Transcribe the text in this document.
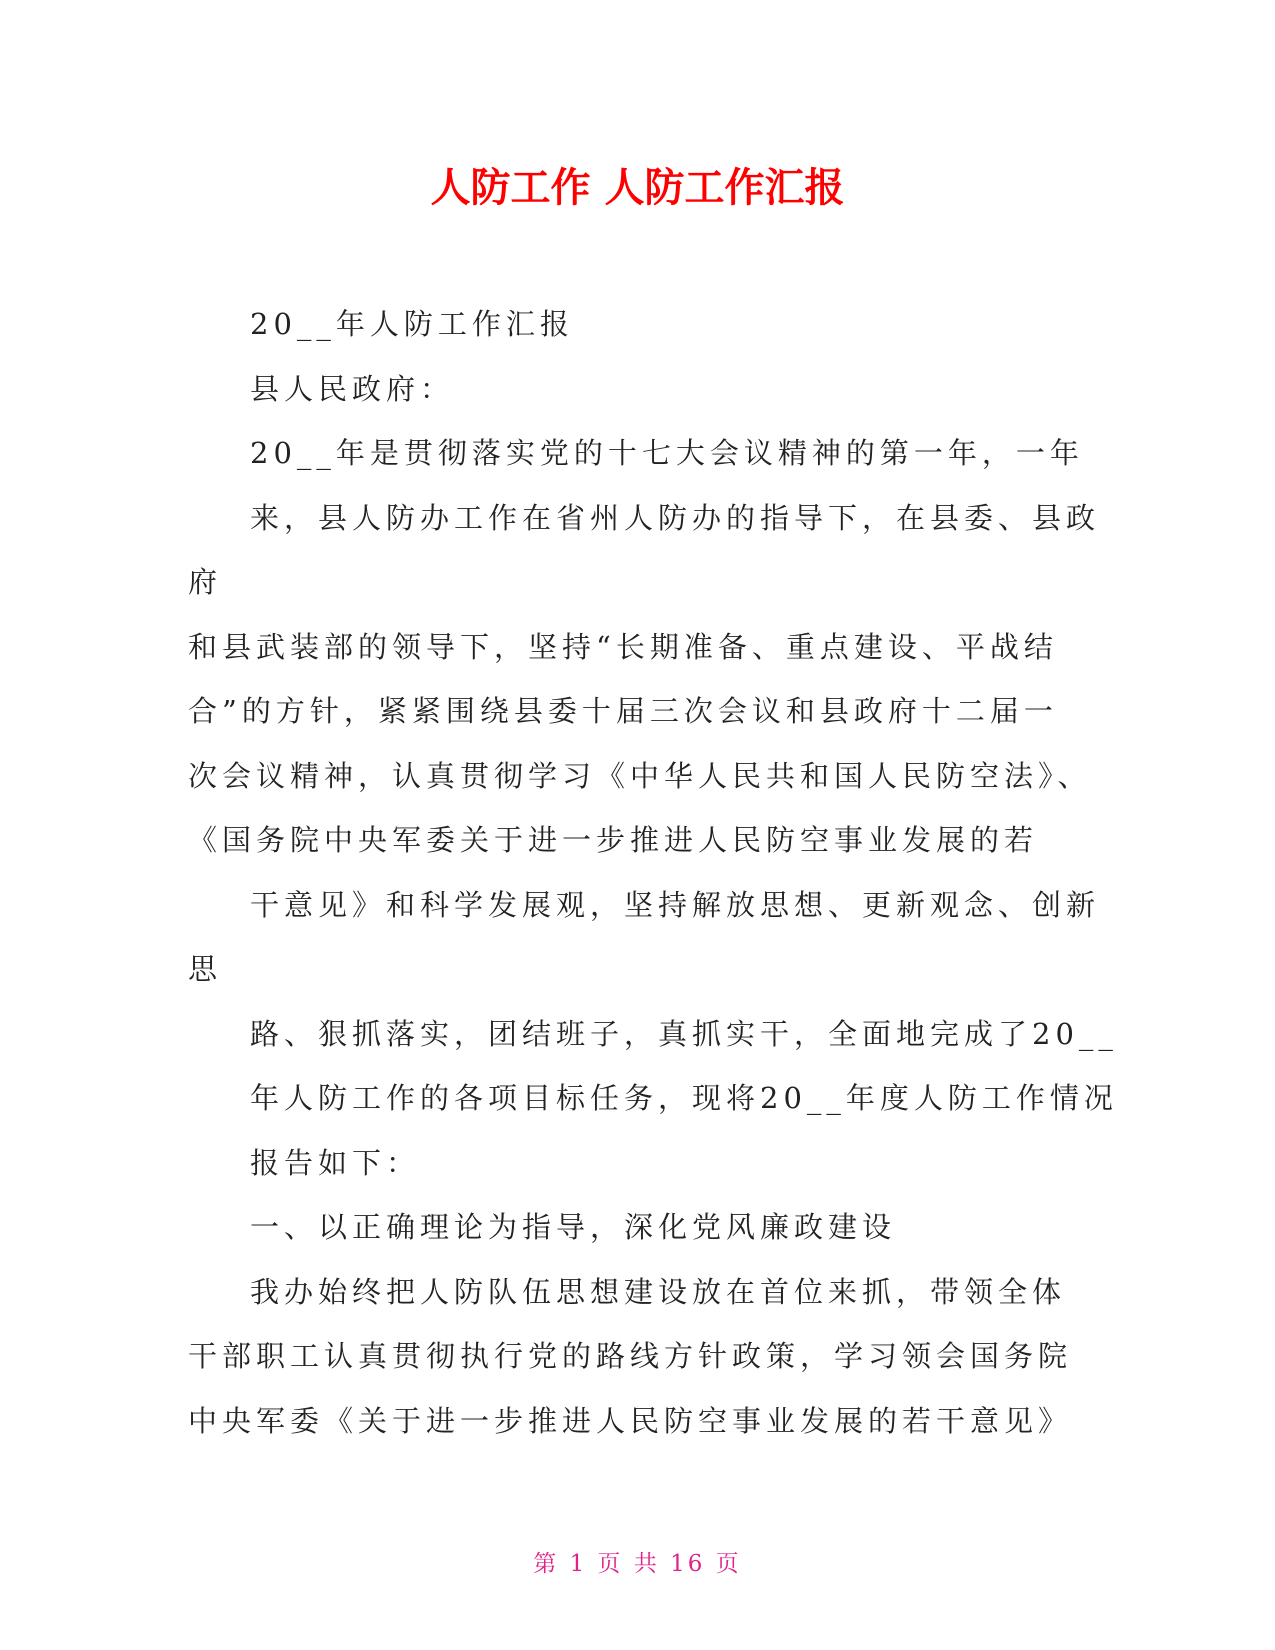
人防工作 人防工作汇报
20__年人防工作汇报
县人民政府：
20__年是贯彻落实党的十七大会议精神的第一年，一年
来，县人防办工作在省州人防办的指导下，在县委、县政
府
和县武装部的领导下，坚持“长期准备、重点建设、平战结
合”的方针，紧紧围绕县委十届三次会议和县政府十二届一
次会议精神，认真贯彻学习《中华人民共和国人民防空法》、
《国务院中央军委关于进一步推进人民防空事业发展的若
干意见》和科学发展观，坚持解放思想、更新观念、创新
思
路、狠抓落实，团结班子，真抓实干，全面地完成了20__
年人防工作的各项目标任务，现将20__年度人防工作情况
报告如下：
一、以正确理论为指导，深化党风廉政建设
我办始终把人防队伍思想建设放在首位来抓，带领全体
干部职工认真贯彻执行党的路线方针政策，学习领会国务院
中央军委《关于进一步推进人民防空事业发展的若干意见》
第 1 页 共 16 页
